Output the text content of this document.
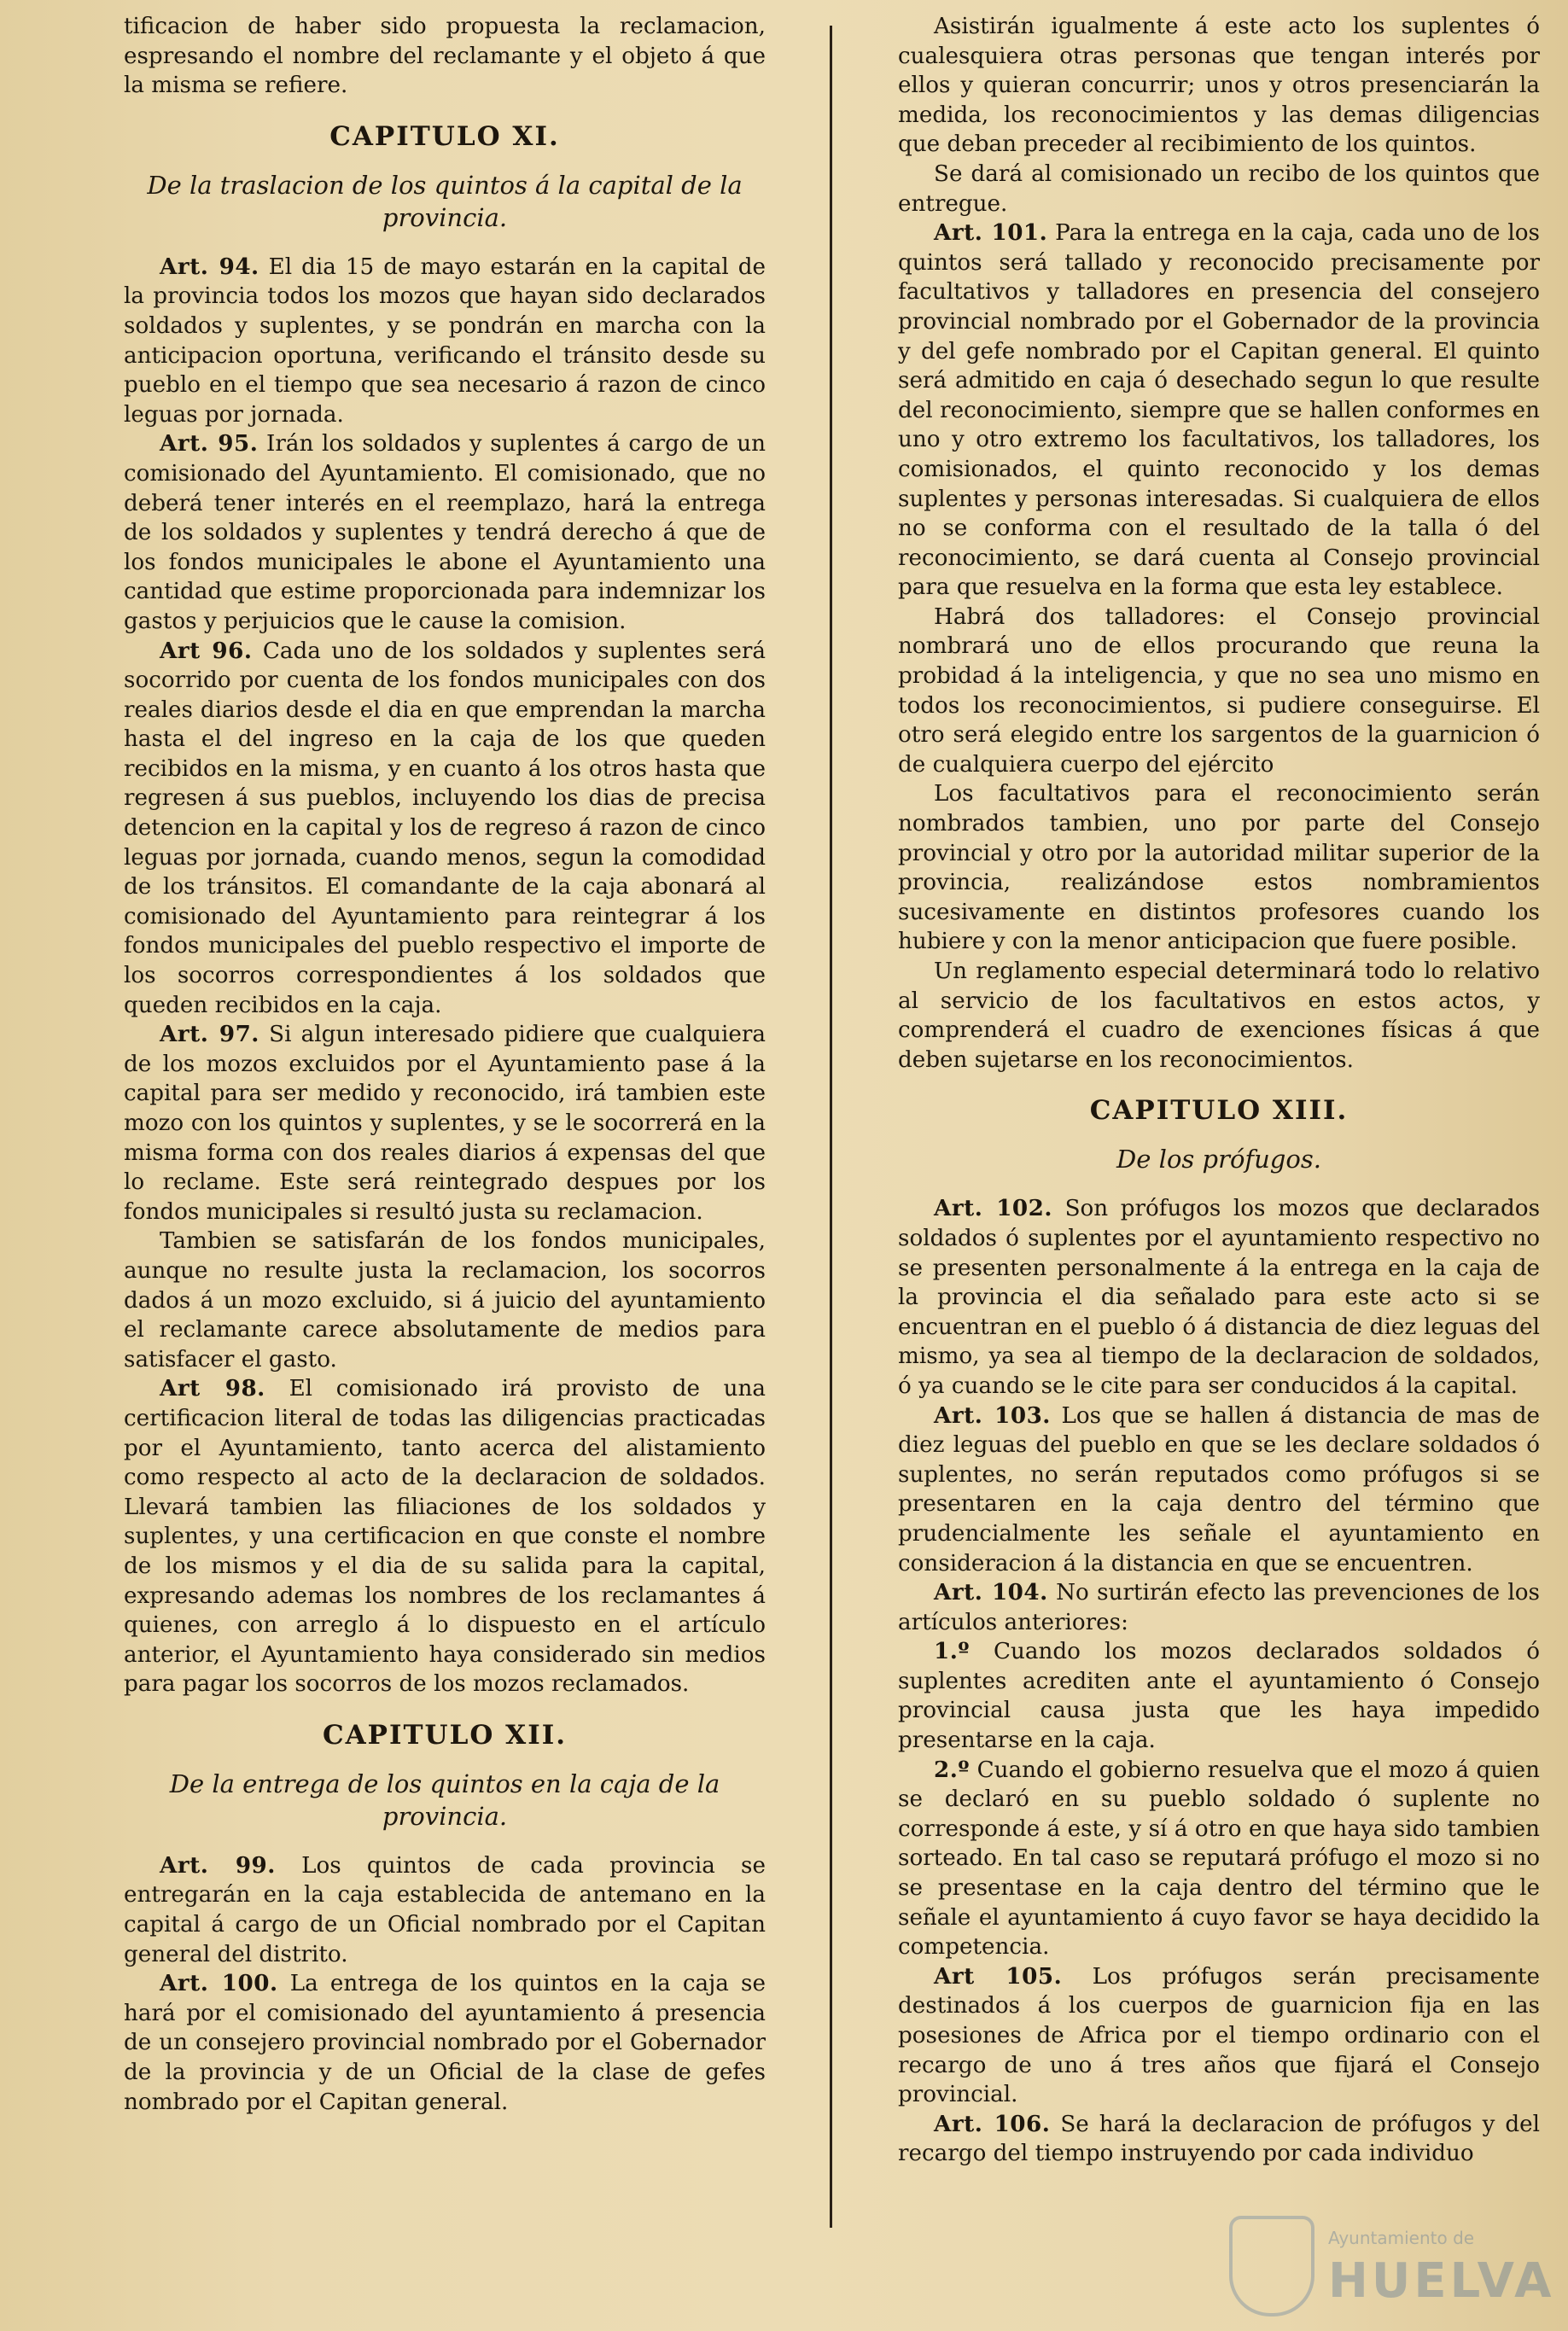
tificacion de haber sido propuesta la reclamacion, espresando el nombre del reclamante y el objeto á que la misma se refiere.

CAPITULO XI.
De la traslacion de los quintos á la capital de la provincia.

Art. 94. El dia 15 de mayo estarán en la capital de la provincia todos los mozos que hayan sido declarados soldados y suplentes, y se pondrán en marcha con la anticipacion oportuna, verificando el tránsito desde su pueblo en el tiempo que sea necesario á razon de cinco leguas por jornada.

Art. 95. Irán los soldados y suplentes á cargo de un comisionado del Ayuntamiento. El comisionado, que no deberá tener interés en el reemplazo, hará la entrega de los soldados y suplentes y tendrá derecho á que de los fondos municipales le abone el Ayuntamiento una cantidad que estime proporcionada para indemnizar los gastos y perjuicios que le cause la comision.

Art 96. Cada uno de los soldados y suplentes será socorrido por cuenta de los fondos municipales con dos reales diarios desde el dia en que emprendan la marcha hasta el del ingreso en la caja de los que queden recibidos en la misma, y en cuanto á los otros hasta que regresen á sus pueblos, incluyendo los dias de precisa detencion en la capital y los de regreso á razon de cinco leguas por jornada, cuando menos, segun la comodidad de los tránsitos. El comandante de la caja abonará al comisionado del Ayuntamiento para reintegrar á los fondos municipales del pueblo respectivo el importe de los socorros correspondientes á los soldados que queden recibidos en la caja.

Art. 97. Si algun interesado pidiere que cualquiera de los mozos excluidos por el Ayuntamiento pase á la capital para ser medido y reconocido, irá tambien este mozo con los quintos y suplentes, y se le socorrerá en la misma forma con dos reales diarios á expensas del que lo reclame. Este será reintegrado despues por los fondos municipales si resultó justa su reclamacion.

Tambien se satisfarán de los fondos municipales, aunque no resulte justa la reclamacion, los socorros dados á un mozo excluido, si á juicio del ayuntamiento el reclamante carece absolutamente de medios para satisfacer el gasto.

Art 98. El comisionado irá provisto de una certificacion literal de todas las diligencias practicadas por el Ayuntamiento, tanto acerca del alistamiento como respecto al acto de la declaracion de soldados. Llevará tambien las filiaciones de los soldados y suplentes, y una certificacion en que conste el nombre de los mismos y el dia de su salida para la capital, expresando ademas los nombres de los reclamantes á quienes, con arreglo á lo dispuesto en el artículo anterior, el Ayuntamiento haya considerado sin medios para pagar los socorros de los mozos reclamados.

CAPITULO XII.
De la entrega de los quintos en la caja de la provincia.

Art. 99. Los quintos de cada provincia se entregarán en la caja establecida de antemano en la capital á cargo de un Oficial nombrado por el Capitan general del distrito.

Art. 100. La entrega de los quintos en la caja se hará por el comisionado del ayuntamiento á presencia de un consejero provincial nombrado por el Gobernador de la provincia y de un Oficial de la clase de gefes nombrado por el Capitan general.

Asistirán igualmente á este acto los suplentes ó cualesquiera otras personas que tengan interés por ellos y quieran concurrir; unos y otros presenciarán la medida, los reconocimientos y las demas diligencias que deban preceder al recibimiento de los quintos.

Se dará al comisionado un recibo de los quintos que entregue.

Art. 101. Para la entrega en la caja, cada uno de los quintos será tallado y reconocido precisamente por facultativos y talladores en presencia del consejero provincial nombrado por el Gobernador de la provincia y del gefe nombrado por el Capitan general. El quinto será admitido en caja ó desechado segun lo que resulte del reconocimiento, siempre que se hallen conformes en uno y otro extremo los facultativos, los talladores, los comisionados, el quinto reconocido y los demas suplentes y personas interesadas. Si cualquiera de ellos no se conforma con el resultado de la talla ó del reconocimiento, se dará cuenta al Consejo provincial para que resuelva en la forma que esta ley establece.

Habrá dos talladores: el Consejo provincial nombrará uno de ellos procurando que reuna la probidad á la inteligencia, y que no sea uno mismo en todos los reconocimientos, si pudiere conseguirse. El otro será elegido entre los sargentos de la guarnicion ó de cualquiera cuerpo del ejército

Los facultativos para el reconocimiento serán nombrados tambien, uno por parte del Consejo provincial y otro por la autoridad militar superior de la provincia, realizándose estos nombramientos sucesivamente en distintos profesores cuando los hubiere y con la menor anticipacion que fuere posible.

Un reglamento especial determinará todo lo relativo al servicio de los facultativos en estos actos, y comprenderá el cuadro de exenciones físicas á que deben sujetarse en los reconocimientos.

CAPITULO XIII.
De los prófugos.

Art. 102. Son prófugos los mozos que declarados soldados ó suplentes por el ayuntamiento respectivo no se presenten personalmente á la entrega en la caja de la provincia el dia señalado para este acto si se encuentran en el pueblo ó á distancia de diez leguas del mismo, ya sea al tiempo de la declaracion de soldados, ó ya cuando se le cite para ser conducidos á la capital.

Art. 103. Los que se hallen á distancia de mas de diez leguas del pueblo en que se les declare soldados ó suplentes, no serán reputados como prófugos si se presentaren en la caja dentro del término que prudencialmente les señale el ayuntamiento en consideracion á la distancia en que se encuentren.

Art. 104. No surtirán efecto las prevenciones de los artículos anteriores:

1.º Cuando los mozos declarados soldados ó suplentes acrediten ante el ayuntamiento ó Consejo provincial causa justa que les haya impedido presentarse en la caja.

2.º Cuando el gobierno resuelva que el mozo á quien se declaró en su pueblo soldado ó suplente no corresponde á este, y sí á otro en que haya sido tambien sorteado. En tal caso se reputará prófugo el mozo si no se presentase en la caja dentro del término que le señale el ayuntamiento á cuyo favor se haya decidido la competencia.

Art 105. Los prófugos serán precisamente destinados á los cuerpos de guarnicion fija en las posesiones de Africa por el tiempo ordinario con el recargo de uno á tres años que fijará el Consejo provincial.

Art. 106. Se hará la declaracion de prófugos y del recargo del tiempo instruyendo por cada individuo

Ayuntamiento de
HUELVA
